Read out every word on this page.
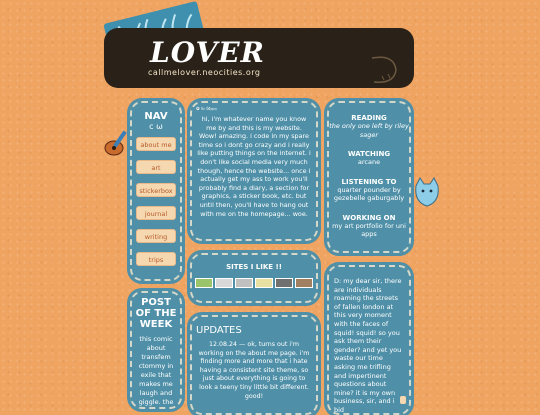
LOVER
callmelover.neocities.org
NAV
c ω
about me
art
stickerbox
journal
writing
trips
POST OF THE WEEK

this comic about transfem ctommy in exile that makes me laugh and giggle. the

✿ 𝔟𝔢 𝔥𝔞𝔭𝔭𝔶

hi, i'm whatever name you know me by and this is my website. Wow! amazing. i code in my spare time so i dont go crazy and i really like putting things on the internet. i don't like social media very much though, hence the website... once i actually get my ass to work you'll probably find a diary, a section for graphics, a sticker book, etc. but until then, you'll have to hang out with me on the homepage... woe.

SITES I LIKE !!
UPDATES

12.08.24 — ok, turns out i'm working on the about me page. i'm finding more and more that i hate having a consistent site theme, so just about everything is going to look a teeny tiny little bit different. good!

READING
the only one left by riley sager
WATCHING
arcane
LISTENING TO
quarter pounder by gezebelle gaburgably
WORKING ON
my art portfolio for uni apps

D: my dear sir, there are individuals roaming the streets of fallen london at this very moment with the faces of squid! squid! so you ask them their gender? and yet you waste our time asking me trifling and impertinent questions about mine? it is my own business, sir, and i bid
